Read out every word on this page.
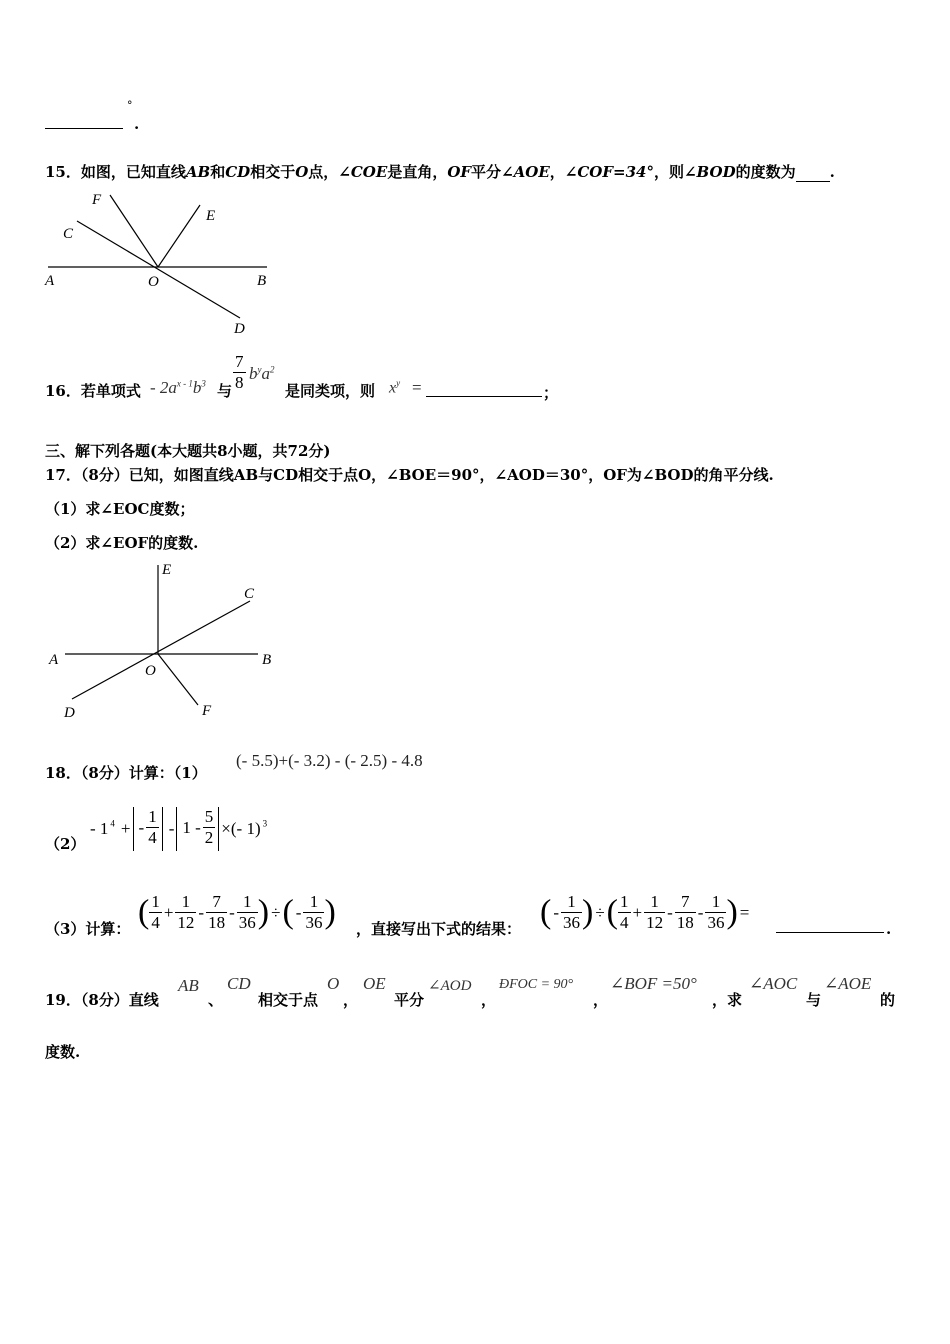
°
.
15．如图，已知直线AB和CD相交于O点，∠COE是直角，OF平分∠AOE，∠COF=34°，则∠BOD的度数为 .
F
E
C
A	O	B
D
16．若单项式 - $2a^{x - 1}b^3$ 与 $\frac{7}{8} b^ya^2$
是同类项，则 $x^y$ =	；
三、解下列各题(本大题共8小题，共72分)
17．（8分）已知，如图直线AB与CD相交于点O，∠BOE＝90°，∠AOD＝30°，OF为∠BOD的角平分线.
（1）求∠EOC度数；
（2）求∠EOF的度数.
E
C
A	B
O
D	F
18．（8分）计算：（1）
(- 5.5)+(- 3.2) - (- 2.5) - 4.8
（2）
- 1 $^4$ + - $\frac{1}{4} - 1 - \frac{5}{2}$ ×(- 1) $^3$
（3）计算： ( $\frac{1}{4} + \frac{1}{12} - \frac{7}{18} - \frac{1}{36}$ ) ÷( - $\frac{1}{36}$ ) ，直接写出下式的结果： ( - $\frac{1}{36}$ ) ÷( $\frac{1}{4} + \frac{1}{12} - \frac{7}{18} - \frac{1}{36}$ ) =
.
19．（8分）直线
AB
、
CD
相交于点
O
，
OE
平分
∠AOD
，
ÐFOC = 90°
，
∠BOF =50°
，求
∠AOC
与
∠AOE
的
度数.
